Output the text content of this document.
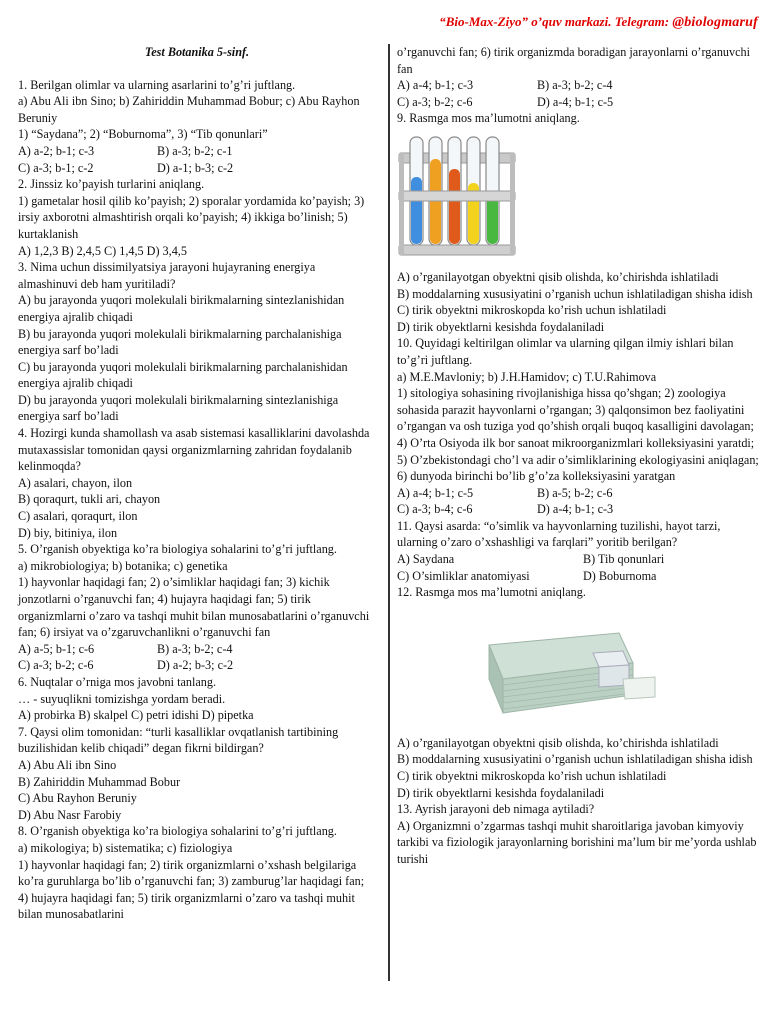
“Bio-Max-Ziyo” o’quv markazi. Telegram: @biologmaruf
Test Botanika 5-sinf.
1. Berilgan olimlar va ularning asarlarini to’g’ri juftlang.
a) Abu Ali ibn Sino; b) Zahiriddin Muhammad Bobur; c) Abu Rayhon Beruniy
1) “Saydana”; 2) “Boburnoma”, 3) “Tib qonunlari”
A) a-2; b-1; c-3	B) a-3; b-2; c-1
C) a-3; b-1; c-2	D) a-1; b-3; c-2
2. Jinssiz ko’payish turlarini aniqlang.
1) gametalar hosil qilib ko’payish; 2) sporalar yordamida ko’payish; 3) irsiy axborotni almashtirish orqali ko’payish; 4) ikkiga bo’linish; 5) kurtaklanish
A) 1,2,3 B) 2,4,5 C) 1,4,5 D) 3,4,5
3. Nima uchun dissimilyatsiya jarayoni hujayraning energiya almashinuvi deb ham yuritiladi?
A) bu jarayonda yuqori molekulali birikmalarning sintezlanishidan energiya ajralib chiqadi
B) bu jarayonda yuqori molekulali birikmalarning parchalanishiga energiya sarf bo’ladi
C) bu jarayonda yuqori molekulali birikmalarning parchalanishidan energiya ajralib chiqadi
D) bu jarayonda yuqori molekulali birikmalarning sintezlanishiga energiya sarf bo’ladi
4. Hozirgi kunda shamollash va asab sistemasi kasalliklarini davolashda mutaxassislar tomonidan qaysi organizmlarning zahridan foydalanib kelinmoqda?
A) asalari, chayon, ilon
B) qoraqurt, tukli ari, chayon
C) asalari, qoraqurt, ilon
D) biy, bitiniya, ilon
5. O’rganish obyektiga ko’ra biologiya sohalarini to’g’ri juftlang.
a) mikrobiologiya; b) botanika; c) genetika
1) hayvonlar haqidagi fan; 2) o’simliklar haqidagi fan; 3) kichik jonzotlarni o’rganuvchi fan; 4) hujayra haqidagi fan; 5) tirik organizmlarni o’zaro va tashqi muhit bilan munosabatlarini o’rganuvchi fan; 6) irsiyat va o’zgaruvchanlikni o’rganuvchi fan
A) a-5; b-1; c-6	B) a-3; b-2; c-4
C) a-3; b-2; c-6	D) a-2; b-3; c-2
6. Nuqtalar o’rniga mos javobni tanlang.
… - suyuqlikni tomizishga yordam beradi.
A) probirka B) skalpel C) petri idishi D) pipetka
7. Qaysi olim tomonidan: “turli kasalliklar ovqatlanish tartibining buzilishidan kelib chiqadi” degan fikrni bildirgan?
A) Abu Ali ibn Sino
B) Zahiriddin Muhammad Bobur
C) Abu Rayhon Beruniy
D) Abu Nasr Farobiy
8. O’rganish obyektiga ko’ra biologiya sohalarini to’g’ri juftlang.
a) mikologiya; b) sistematika; c) fiziologiya
1) hayvonlar haqidagi fan; 2) tirik organizmlarni o’xshash belgilariga ko’ra guruhlarga bo’lib o’rganuvchi fan; 3) zamburug’lar haqidagi fan; 4) hujayra haqidagi fan; 5) tirik organizmlarni o’zaro va tashqi muhit bilan munosabatlarini
o’rganuvchi fan; 6) tirik organizmda boradigan jarayonlarni o’rganuvchi fan
A) a-4; b-1; c-3	B) a-3; b-2; c-4
C) a-3; b-2; c-6	D) a-4; b-1; c-5
9. Rasmga mos ma’lumotni aniqlang.
A) o’rganilayotgan obyektni qisib olishda, ko’chirishda ishlatiladi
B) moddalarning xususiyatini o’rganish uchun ishlatiladigan shisha idish
C) tirik obyektni mikroskopda ko’rish uchun ishlatiladi
D) tirik obyektlarni kesishda foydalaniladi
10. Quyidagi keltirilgan olimlar va ularning qilgan ilmiy ishlari bilan to’g’ri juftlang.
a) M.E.Mavloniy; b) J.H.Hamidov; c) T.U.Rahimova
1) sitologiya sohasining rivojlanishiga hissa qo’shgan; 2) zoologiya sohasida parazit hayvonlarni o’rgangan; 3) qalqonsimon bez faoliyatini o’rgangan va osh tuziga yod qo’shish orqali buqoq kasalligini davolagan; 4) O’rta Osiyoda ilk bor sanoat mikroorganizmlari kolleksiyasini yaratdi; 5) O’zbekistondagi cho’l va adir o’simliklarining ekologiyasini aniqlagan; 6) dunyoda birinchi bo’lib g’o’za kolleksiyasini yaratgan
A) a-4; b-1; c-5	B) a-5; b-2; c-6
C) a-3; b-4; c-6	D) a-4; b-1; c-3
11. Qaysi asarda: “o’simlik va hayvonlarning tuzilishi, hayot tarzi, ularning o’zaro o’xshashligi va farqlari” yoritib berilgan?
A) Saydana	B) Tib qonunlari
C) O’simliklar anatomiyasi	D) Boburnoma
12. Rasmga mos ma’lumotni aniqlang.
A) o’rganilayotgan obyektni qisib olishda, ko’chirishda ishlatiladi
B) moddalarning xususiyatini o’rganish uchun ishlatiladigan shisha idish
C) tirik obyektni mikroskopda ko’rish uchun ishlatiladi
D) tirik obyektlarni kesishda foydalaniladi
13. Ayrish jarayoni deb nimaga aytiladi?
A) Organizmni o’zgarmas tashqi muhit sharoitlariga javoban kimyoviy tarkibi va fiziologik jarayonlarning borishini ma’lum bir me’yorda ushlab turishi
